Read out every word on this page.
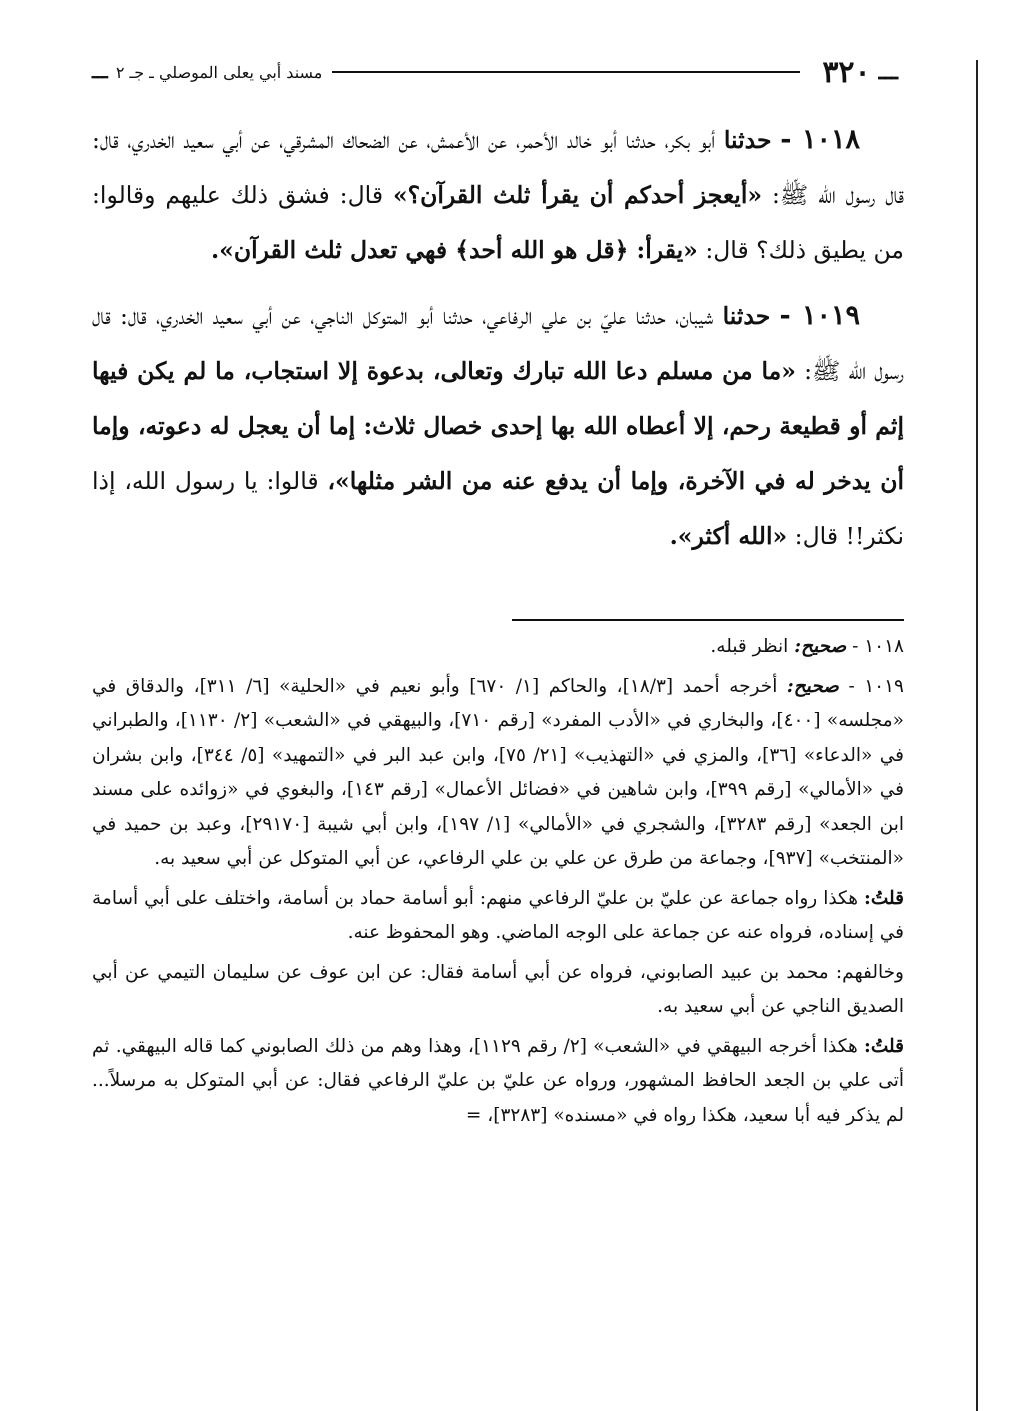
ـــ
٣٢٠
مسند أبي يعلى الموصلي ـ جـ ٢
ـــ

١٠١٨ - حدثنا أبو بكر، حدثنا أبو خالد الأحمر، عن الأعمش، عن الضحاك المشرقي، عن أبي سعيد الخدري، قال: قال رسول الله ﷺ: «أيعجز أحدكم أن يقرأ ثلث القرآن؟» قال: فشق ذلك عليهم وقالوا: من يطيق ذلك؟ قال: «يقرأ: ﴿قل هو الله أحد﴾ فهي تعدل ثلث القرآن».

١٠١٩ - حدثنا شيبان، حدثنا عليّ بن علي الرفاعي، حدثنا أبو المتوكل الناجي، عن أبي سعيد الخدري، قال: قال رسول الله ﷺ: «ما من مسلم دعا الله تبارك وتعالى، بدعوة إلا استجاب، ما لم يكن فيها إثم أو قطيعة رحم، إلا أعطاه الله بها إحدى خصال ثلاث: إما أن يعجل له دعوته، وإما أن يدخر له في الآخرة، وإما أن يدفع عنه من الشر مثلها»، قالوا: يا رسول الله، إذا نكثر!! قال: «الله أكثر».

١٠١٨ - صحيح: انظر قبله.

١٠١٩ - صحيح: أخرجه أحمد [١٨/٣]، والحاكم [١/ ٦٧٠] وأبو نعيم في «الحلية» [٦/ ٣١١]، والدقاق في «مجلسه» [٤٠٠]، والبخاري في «الأدب المفرد» [رقم ٧١٠]، والبيهقي في «الشعب» [٢/ ١١٣٠]، والطبراني في «الدعاء» [٣٦]، والمزي في «التهذيب» [٢١/ ٧٥]، وابن عبد البر في «التمهيد» [٥/ ٣٤٤]، وابن بشران في «الأمالي» [رقم ٣٩٩]، وابن شاهين في «فضائل الأعمال» [رقم ١٤٣]، والبغوي في «زوائده على مسند ابن الجعد» [رقم ٣٢٨٣]، والشجري في «الأمالي» [١/ ١٩٧]، وابن أبي شيبة [٢٩١٧٠]، وعبد بن حميد في «المنتخب» [٩٣٧]، وجماعة من طرق عن علي بن علي الرفاعي، عن أبي المتوكل عن أبي سعيد به.

قلتُ: هكذا رواه جماعة عن عليّ بن عليّ الرفاعي منهم: أبو أسامة حماد بن أسامة، واختلف على أبي أسامة في إسناده، فرواه عنه عن جماعة على الوجه الماضي. وهو المحفوظ عنه.

وخالفهم: محمد بن عبيد الصابوني، فرواه عن أبي أسامة فقال: عن ابن عوف عن سليمان التيمي عن أبي الصديق الناجي عن أبي سعيد به.

قلتُ: هكذا أخرجه البيهقي في «الشعب» [٢/ رقم ١١٢٩]، وهذا وهم من ذلك الصابوني كما قاله البيهقي. ثم أتى علي بن الجعد الحافظ المشهور، ورواه عن عليّ بن عليّ الرفاعي فقال: عن أبي المتوكل به مرسلاً... لم يذكر فيه أبا سعيد، هكذا رواه في «مسنده» [٣٢٨٣]، =
